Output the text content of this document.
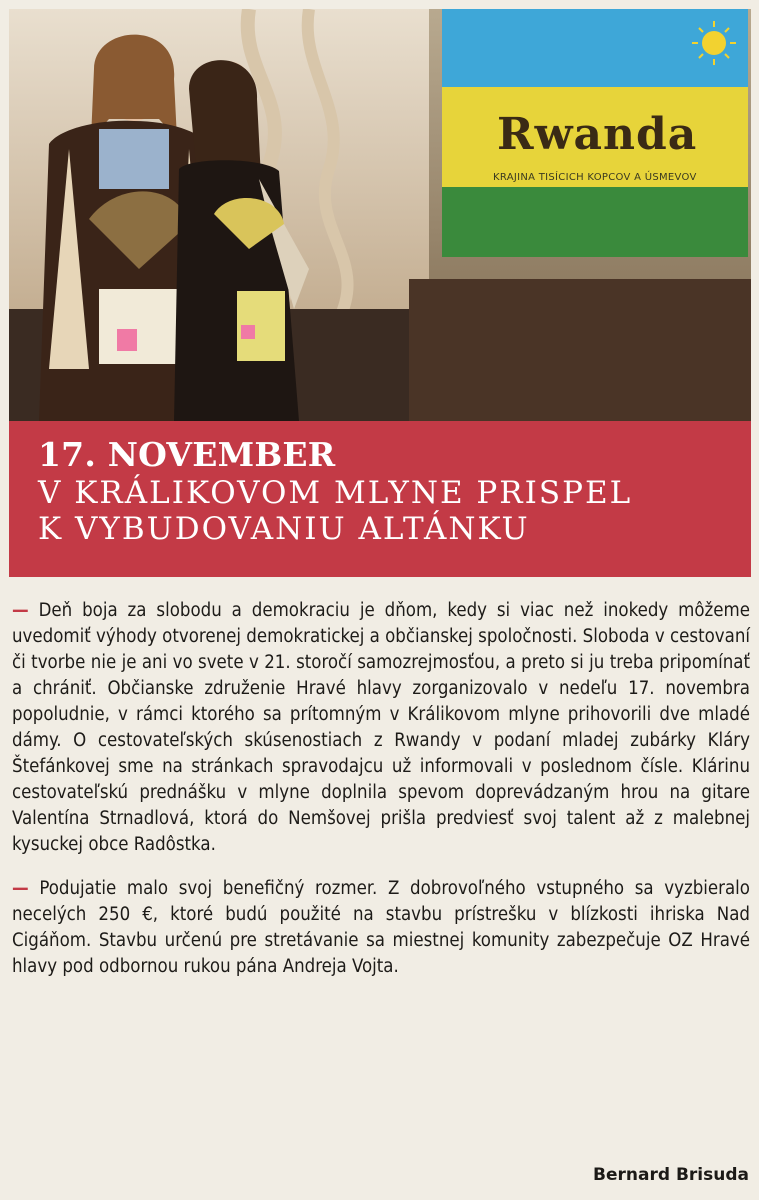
Rwanda
KRAJINA TISÍCICH KOPCOV A ÚSMEVOV
17. NOVEMBER
V KRÁLIKOVOM MLYNE PRISPEL
K VYBUDOVANIU ALTÁNKU

— Deň boja za slobodu a demokraciu je dňom, kedy si viac než inokedy môžeme uvedomiť výhody otvorenej demokratickej a občianskej spoločnosti. Sloboda v cestovaní či tvorbe nie je ani vo svete v 21. storočí samozrejmosťou, a preto si ju treba pripomínať a chrániť. Občianske združenie Hravé hlavy zorganizovalo v nedeľu 17. novembra popoludnie, v rámci ktorého sa prítomným v Králikovom mlyne prihovorili dve mladé dámy. O cestovateľských skúsenostiach z Rwandy v podaní mladej zubárky Kláry Štefánkovej sme na stránkach spravodajcu už informovali v poslednom čísle. Klárinu cestovateľskú prednášku v mlyne doplnila spevom doprevádzaným hrou na gitare Valentína Strnadlová, ktorá do Nemšovej prišla predviesť svoj talent až z malebnej kysuckej obce Radôstka.

— Podujatie malo svoj benefičný rozmer. Z dobrovoľného vstupného sa vyzbieralo necelých 250 €, ktoré budú použité na stavbu prístrešku v blízkosti ihriska Nad Cigáňom. Stavbu určenú pre stretávanie sa miestnej komunity zabezpečuje OZ Hravé hlavy pod odbornou rukou pána Andreja Vojta.

Bernard Brisuda
